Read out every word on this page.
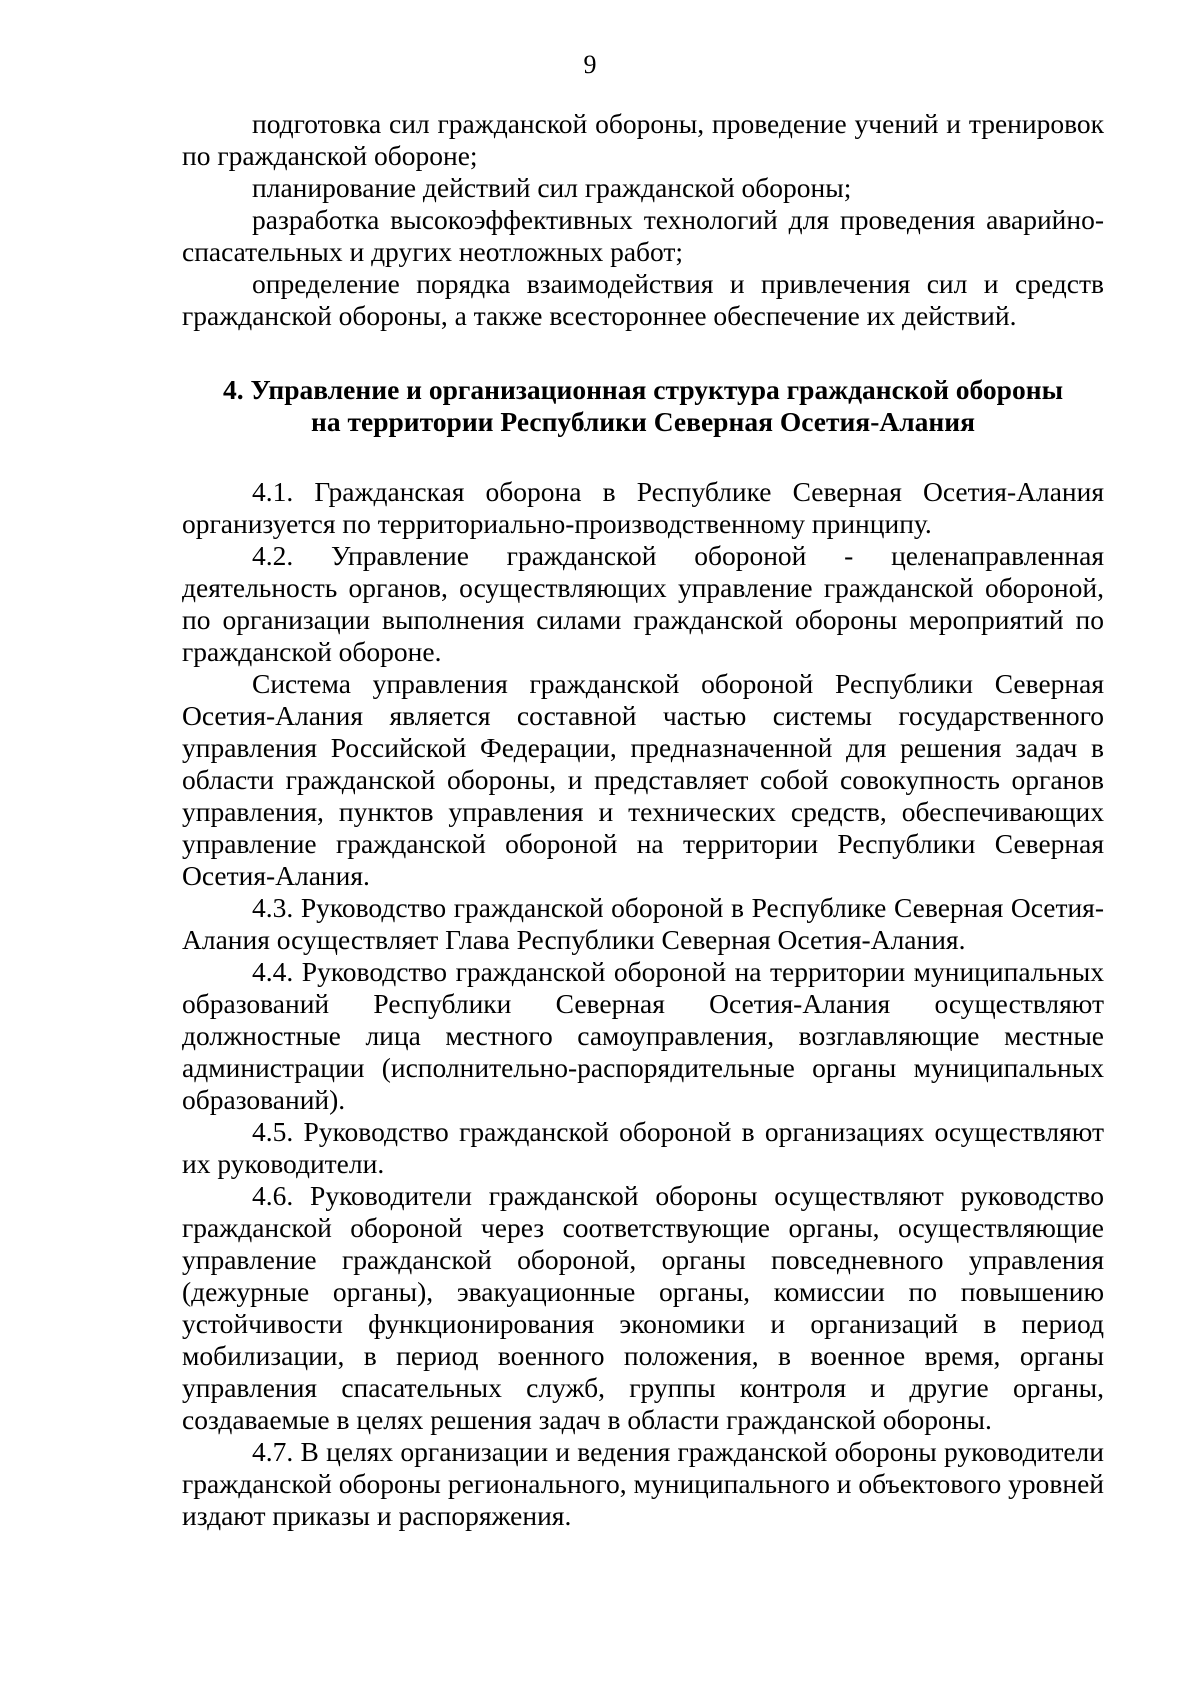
9

подготовка сил гражданской обороны, проведение учений и тренировок по гражданской обороне;

планирование действий сил гражданской обороны;

разработка высокоэффективных технологий для проведения аварийно-спасательных и других неотложных работ;

определение порядка взаимодействия и привлечения сил и средств гражданской обороны, а также всестороннее обеспечение их действий.

4. Управление и организационная структура гражданской обороны
на территории Республики Северная Осетия-Алания

4.1. Гражданская оборона в Республике Северная Осетия-Алания организуется по территориально-производственному принципу.

4.2. Управление гражданской обороной - целенаправленная деятельность органов, осуществляющих управление гражданской обороной, по организации выполнения силами гражданской обороны мероприятий по гражданской обороне.

Система управления гражданской обороной Республики Северная Осетия-Алания является составной частью системы государственного управления Российской Федерации, предназначенной для решения задач в области гражданской обороны, и представляет собой совокупность органов управления, пунктов управления и технических средств, обеспечивающих управление гражданской обороной на территории Республики Северная Осетия-Алания.

4.3. Руководство гражданской обороной в Республике Северная Осетия-Алания осуществляет Глава Республики Северная Осетия-Алания.

4.4. Руководство гражданской обороной на территории муниципальных образований Республики Северная Осетия-Алания осуществляют должностные лица местного самоуправления, возглавляющие местные администрации (исполнительно-распорядительные органы муниципальных образований).

4.5. Руководство гражданской обороной в организациях осуществляют их руководители.

4.6. Руководители гражданской обороны осуществляют руководство гражданской обороной через соответствующие органы, осуществляющие управление гражданской обороной, органы повседневного управления (дежурные органы), эвакуационные органы, комиссии по повышению устойчивости функционирования экономики и организаций в период мобилизации, в период военного положения, в военное время, органы управления спасательных служб, группы контроля и другие органы, создаваемые в целях решения задач в области гражданской обороны.

4.7. В целях организации и ведения гражданской обороны руководители гражданской обороны регионального, муниципального и объектового уровней издают приказы и распоряжения.
